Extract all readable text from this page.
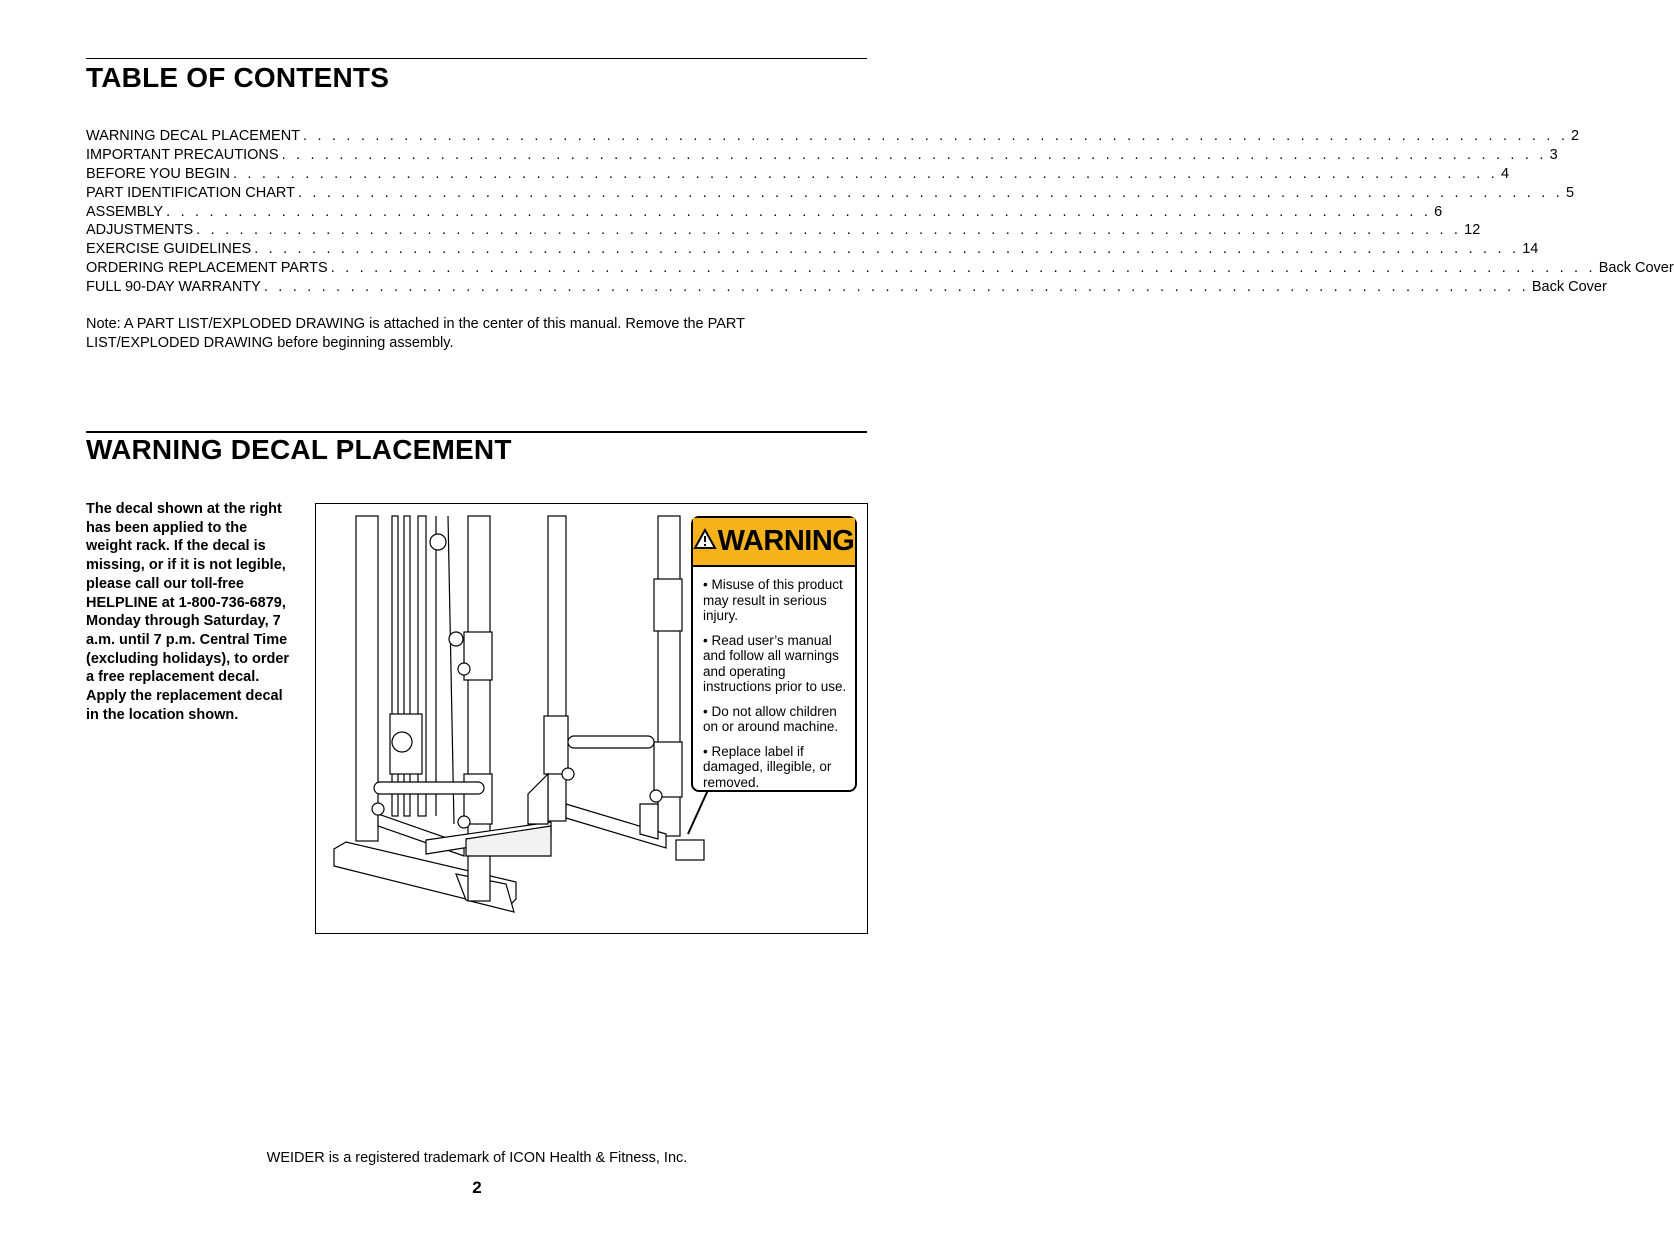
TABLE OF CONTENTS
WARNING DECAL PLACEMENT . . . . . . . . . . . . . . . . . . . . . . . . . . . . . . . . . . . . . . . . . . . . . . . . . . . . . . . . . . . . . . . . . . . . . . . . . . . . . . . . . . . . . . . . 2
IMPORTANT PRECAUTIONS . . . . . . . . . . . . . . . . . . . . . . . . . . . . . . . . . . . . . . . . . . . . . . . . . . . . . . . . . . . . . . . . . . . . . . . . . . . . . . . . . . . . . . . . 3
BEFORE YOU BEGIN . . . . . . . . . . . . . . . . . . . . . . . . . . . . . . . . . . . . . . . . . . . . . . . . . . . . . . . . . . . . . . . . . . . . . . . . . . . . . . . . . . . . . . . . 4
PART IDENTIFICATION CHART . . . . . . . . . . . . . . . . . . . . . . . . . . . . . . . . . . . . . . . . . . . . . . . . . . . . . . . . . . . . . . . . . . . . . . . . . . . . . . . . . . . . . . . . 5
ASSEMBLY . . . . . . . . . . . . . . . . . . . . . . . . . . . . . . . . . . . . . . . . . . . . . . . . . . . . . . . . . . . . . . . . . . . . . . . . . . . . . . . . . . . . . . . . 6
ADJUSTMENTS . . . . . . . . . . . . . . . . . . . . . . . . . . . . . . . . . . . . . . . . . . . . . . . . . . . . . . . . . . . . . . . . . . . . . . . . . . . . . . . . . . . . . . . . 12
EXERCISE GUIDELINES . . . . . . . . . . . . . . . . . . . . . . . . . . . . . . . . . . . . . . . . . . . . . . . . . . . . . . . . . . . . . . . . . . . . . . . . . . . . . . . . . . . . . . . . 14
ORDERING REPLACEMENT PARTS . . . . . . . . . . . . . . . . . . . . . . . . . . . . . . . . . . . . . . . . . . . . . . . . . . . . . . . . . . . . . . . . . . . . . . . . . . . . . . . . . . . . . . . . Back Cover
FULL 90-DAY WARRANTY . . . . . . . . . . . . . . . . . . . . . . . . . . . . . . . . . . . . . . . . . . . . . . . . . . . . . . . . . . . . . . . . . . . . . . . . . . . . . . . . . . . . . . . . Back Cover

Note: A PART LIST/EXPLODED DRAWING is attached in the center of this manual. Remove the PART LIST/EXPLODED DRAWING before beginning assembly.

WARNING DECAL PLACEMENT

The decal shown at the right has been applied to the weight rack. If the decal is missing, or if it is not legible, please call our toll-free HELPLINE at 1-800-736-6879, Monday through Saturday, 7 a.m. until 7 p.m. Central Time (excluding holidays), to order a free replacement decal. Apply the replacement decal in the location shown.

WARNING
• Misuse of this product may result in serious injury.
• Read user’s manual and follow all warnings and operating instructions prior to use.
• Do not allow children on or around machine.
• Replace label if damaged, illegible, or removed.
WEIDER is a registered trademark of ICON Health & Fitness, Inc.
2
